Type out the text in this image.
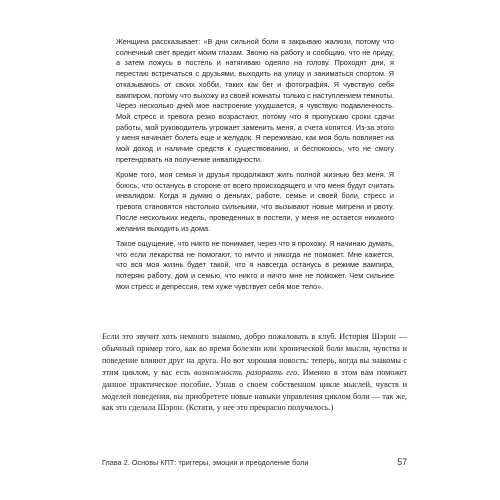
Женщина рассказывает: «В дни сильной боли я закрываю жалюзи, потому что солнечный свет вредит моим глазам. Звоню на работу и сообщаю, что не приду, а затем ложусь в постель и натягиваю одеяло на голову. Проходят дни, я перестаю встречаться с друзьями, выходить на улицу и заниматься спортом. Я отказываюсь от своих хобби, таких как бег и фотография. Я чувствую себя вампиром, потому что выхожу из своей комнаты только с наступлением темноты. Через несколько дней мое настроение ухудшается, я чувствую подавленность. Мой стресс и тревога резко возрастают, потому что я пропускаю сроки сдачи работы, мой руководитель угрожает заменить меня, а счета копятся. Из-за этого у меня начинает болеть еще и желудок. Я переживаю, как моя боль повлияет на мой доход и наличие средств к существованию, и беспокоюсь, что не смогу претендовать на получение инвалидности.

Кроме того, моя семья и друзья продолжают жить полной жизнью без меня. Я боюсь, что останусь в стороне от всего происходящего и что меня будут считать инвалидом. Когда я думаю о деньгах, работе, семье и своей боли, стресс и тревога становятся настолько сильными, что вызывают новые мигрени и рвоту. После нескольких недель, проведенных в постели, у меня не остается никакого желания выходить из дома.

Такое ощущение, что никто не понимает, через что я прохожу. Я начинаю думать, что если лекарства не помогают, то ничто и никогда не поможет. Мне кажется, что вся моя жизнь будет такой, что я навсегда останусь в режиме вампира, потеряю работу, дом и семью, что никто и ничто мне не поможет. Чем сильнее мои стресс и депрессия, тем хуже чувствует себя мое тело».

Если это звучит хоть немного знакомо, добро пожаловать в клуб. История Шэрон — обычный пример того, как во время болезни или хронической боли мысли, чувства и поведение влияют друг на друга. Но вот хорошая новость: теперь, когда вы знакомы с этим циклом, у вас есть возможность разорвать его. Именно в этом вам поможет данное практическое пособие. Узнав о своем собственном цикле мыслей, чувств и моделей поведения, вы приобретете новые навыки управления циклом боли — так же, как это сделала Шэрон. (Кстати, у нее это прекрасно получилось.)

Глава 2. Основы КПТ: триггеры, эмоции и преодоление боли	57
